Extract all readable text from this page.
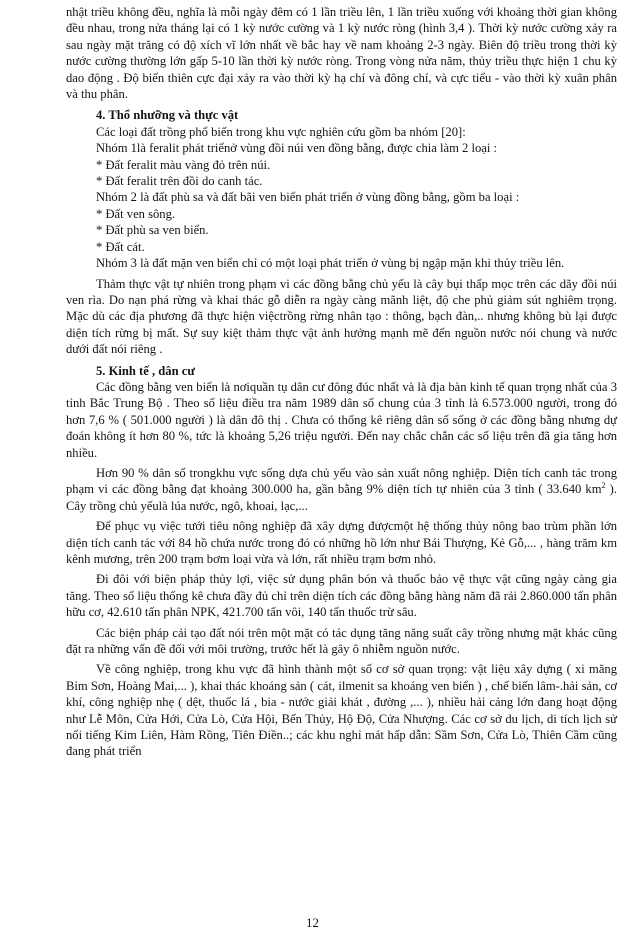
nhật triều không đều, nghĩa là mỗi ngày đêm có 1 lần triều lên, 1 lần triều xuống với khoảng thời gian không đều nhau, trong nửa tháng lại có 1 kỳ nước cường và 1 kỳ nước ròng (hình 3,4 ). Thời kỳ nước cường xảy ra sau ngày mặt trăng có độ xích vĩ lớn nhất về bắc hay về nam khoảng 2-3 ngày. Biên độ triều trong thời kỳ nước cường thường lớn gấp 5-10 lần thời kỳ nước ròng. Trong vòng nửa năm, thủy triều thực hiện 1 chu kỳ dao động . Độ biến thiên cực đại xảy ra vào thời kỳ hạ chí và đông chí, và cực tiểu - vào thời kỳ xuân phân và thu phân.

4. Thổ nhưỡng và thực vật

Các loại đất trồng phổ biến trong khu vực nghiên cứu gồm ba nhóm [20]:

Nhóm 1là feralit phát triểnở vùng đồi núi ven đồng bằng, được chia làm 2 loại :

* Đất feralit màu vàng đỏ trên núi.

* Đất feralit trên đồi do canh tác.

Nhóm 2 là đất phù sa và đất bãi ven biển phát triển ở vùng đồng bằng, gồm ba loại :

* Đất ven sông.

* Đất phù sa ven biển.

* Đất cát.

Nhóm 3 là đất mặn ven biển chỉ có một loại phát triển ở vùng bị ngập mặn khi thủy triều lên.

Thảm thực vật tự nhiên trong phạm vi các đồng bằng chủ yếu là cây bụi thấp mọc trên các dãy đồi núi ven rìa. Do nạn phá rừng và khai thác gỗ diễn ra ngày càng mãnh liệt, độ che phủ giảm sút nghiêm trọng. Mặc dù các địa phương đã thực hiện việctrồng rừng nhân tạo : thông, bạch đàn,.. nhưng không bù lại được diện tích rừng bị mất. Sự suy kiệt thảm thực vật ảnh hưởng mạnh mẽ đến nguồn nước nói chung và nước dưới đất nói riêng .

5. Kinh tế , dân cư

Các đồng bằng ven biển là nơiquần tụ dân cư đông đúc nhất và là địa bàn kinh tế quan trọng nhất của 3 tỉnh Bắc Trung Bộ . Theo số liệu điều tra năm 1989 dân số chung của 3 tỉnh là 6.573.000 người, trong đó hơn 7,6 % ( 501.000 người ) là dân đô thị . Chưa có thống kê riêng dân số sống ở các đồng bằng nhưng dự đoán không ít hơn 80 %, tức là khoảng 5,26 triệu người. Đến nay chắc chắn các số liệu trên đã gia tăng hơn nhiều.

Hơn 90 % dân số trongkhu vực sống dựa chủ yếu vào sản xuất nông nghiệp. Diện tích canh tác trong phạm vi các đồng bằng đạt khoảng 300.000 ha, gần bằng 9% diện tích tự nhiên của 3 tỉnh ( 33.640 $km^2$ ). Cây trồng chủ yếulà lúa nước, ngô, khoai, lạc,...

Để phục vụ việc tưới tiêu nông nghiệp đã xây dựng đượcmột hệ thống thủy nông bao trùm phần lớn diện tích canh tác với 84 hồ chứa nước trong đó có những hồ lớn như Bái Thượng, Kẻ Gỗ,... , hàng trăm km kênh mương, trên 200 trạm bơm loại vừa và lớn, rất nhiều trạm bơm nhỏ.

Đi đôi với biện pháp thủy lợi, việc sử dụng phân bón và thuốc bảo vệ thực vật cũng ngày càng gia tăng. Theo số liệu thống kê chưa đầy đủ chỉ trên diện tích các đồng bằng hàng năm đã rải 2.860.000 tấn phân hữu cơ, 42.610 tấn phân NPK, 421.700 tấn vôi, 140 tấn thuốc trừ sâu.

Các biện pháp cải tạo đất nói trên một mặt có tác dụng tăng năng suất cây trồng nhưng mặt khác cũng đặt ra những vấn đề đối với môi trường, trước hết là gây ô nhiễm nguồn nước.

Về công nghiệp, trong khu vực đã hình thành một số cơ sở quan trọng: vật liệu xây dựng ( xi măng Bỉm Sơn, Hoàng Mai,... ), khai thác khoáng sản ( cát, ilmenit sa khoáng ven biển ) , chế biến lâm-.hải sản, cơ khí, công nghiệp nhẹ ( dệt, thuốc lá , bia - nước giải khát , đường ,... ), nhiều hải cảng lớn đang hoạt động như Lễ Môn, Cửa Hới, Cửa Lò, Cửa Hội, Bến Thủy, Hộ Độ, Cửa Nhượng. Các cơ sở du lịch, di tích lịch sử nổi tiếng Kim Liên, Hàm Rồng, Tiên Điền..; các khu nghỉ mát hấp dẫn: Sầm Sơn, Cửa Lò, Thiên Cầm cũng đang phát triển

12
